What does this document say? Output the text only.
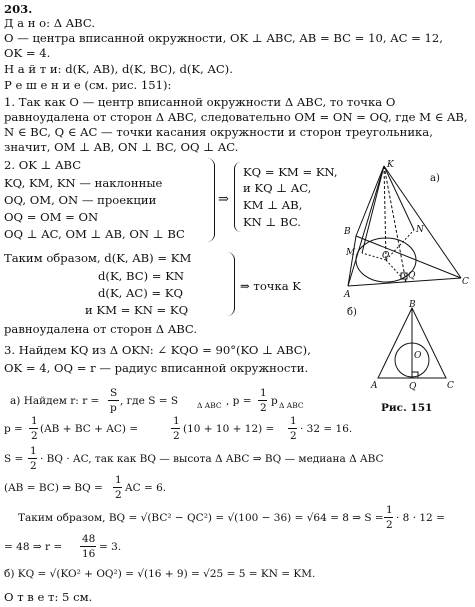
203.
Д а н о: Δ ABC.
O — центра вписанной окружности, OK ⊥ ABC, AB = BC = 10, AC = 12,
OK = 4.
Н а й т и: d(K, AB), d(K, BC), d(K, AC).
Р е ш е н и е (см. рис. 151):
1. Так как O — центр вписанной окружности Δ ABC, то точка O
равноудалена от сторон Δ ABC, следовательно OM = ON = OQ, где M ∈ AB,
N ∈ BC, Q ∈ AC — точки касания окружности и сторон треугольника,
значит, OM ⊥ AB, ON ⊥ BC, OQ ⊥ AC.
2. OK ⊥ ABC
KQ, KM, KN — наклонные
OQ, OM, ON — проекции
OQ = OM = ON
OQ ⊥ AC, OM ⊥ AB, ON ⊥ BC
⇒
KQ = KM = KN,
и KQ ⊥ AC,
KM ⊥ AB,
KN ⊥ BC.
Таким образом, d(K, AB) = KM
d(K, BC) = KN
d(K, AC) = KQ
и KM = KN = KQ
⇒ точка K
равноудалена от сторон Δ ABC.
3. Найдем KQ из Δ OKN: ∠ KQO = 90°(KO ⊥ ABC),
OK = 4, OQ = r — радиус вписанной окружности.
а) Найдем r: r =
S
p
, где S = S	Δ ABC , p =
1
2
p Δ ABC
p =
1
2
(AB + BC + AC) =
1
2
(10 + 10 + 12) =
1
2
· 32 = 16.
S =
1
2
· BQ · AC, так как BQ — высота Δ ABC ⇒ BQ — медиана Δ ABC
(AB = BC) ⇒ BQ =
1
2
AC = 6.
Таким образом, BQ = √(BC² − QC²) = √(100 − 36) = √64 = 8 ⇒ S =
1
2
· 8 · 12 =
= 48 ⇒ r =
48
16
= 3.
б) KQ = √(KO² + OQ²) = √(16 + 9) = √25 = 5 = KN = KM.
О т в е т: 5 см.
K
B	N
M	O
Q
C
A
а)
б)
B
O
A	Q	C
Рис. 151
